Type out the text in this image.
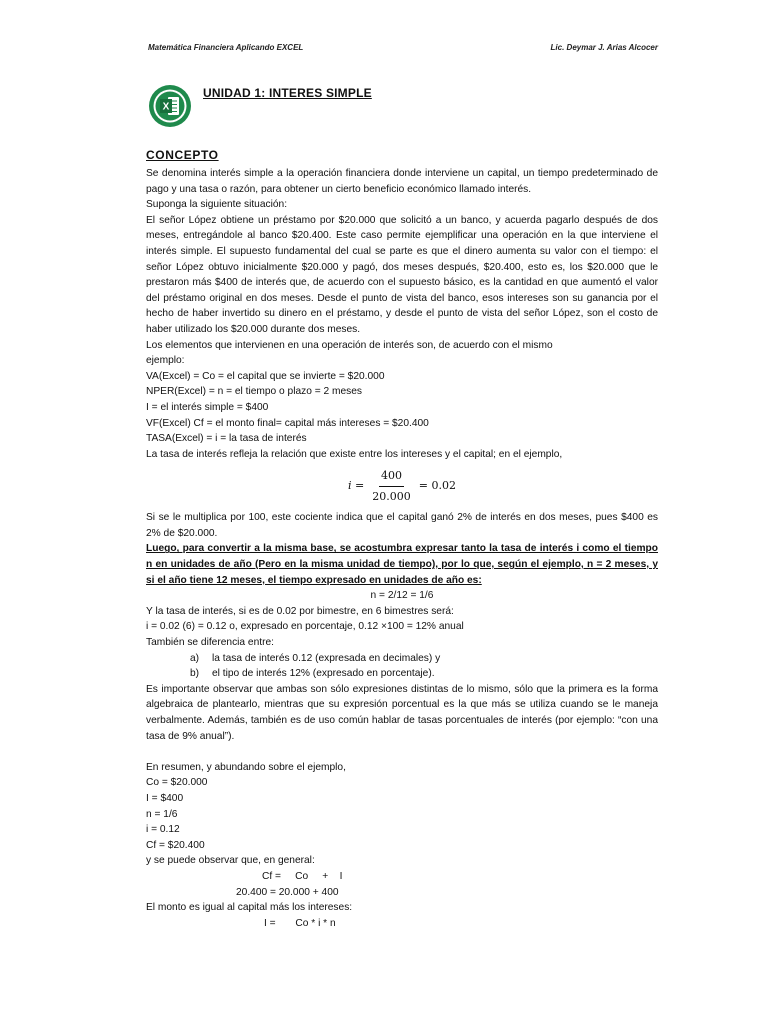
Matemática Financiera Aplicando EXCEL	Lic. Deymar J. Arias Alcocer
X
UNIDAD 1: INTERES SIMPLE
CONCEPTO

Se denomina interés simple a la operación financiera donde interviene un capital, un tiempo predeterminado de pago y una tasa o razón, para obtener un cierto beneficio económico llamado interés.

Suponga la siguiente situación:

El señor López obtiene un préstamo por $20.000 que solicitó a un banco, y acuerda pagarlo después de dos meses, entregándole al banco $20.400. Este caso permite ejemplificar una operación en la que interviene el interés simple. El supuesto fundamental del cual se parte es que el dinero aumenta su valor con el tiempo: el señor López obtuvo inicialmente $20.000 y pagó, dos meses después, $20.400, esto es, los $20.000 que le prestaron más $400 de interés que, de acuerdo con el supuesto básico, es la cantidad en que aumentó el valor del préstamo original en dos meses. Desde el punto de vista del banco, esos intereses son su ganancia por el hecho de haber invertido su dinero en el préstamo, y desde el punto de vista del señor López, son el costo de haber utilizado los $20.000 durante dos meses.

Los elementos que intervienen en una operación de interés son, de acuerdo con el mismo

ejemplo:

VA(Excel) = Co = el capital que se invierte = $20.000

NPER(Excel) = n = el tiempo o plazo = 2 meses

I = el interés simple = $400

VF(Excel) Cf = el monto final= capital más intereses = $20.400

TASA(Excel) = i = la tasa de interés

La tasa de interés refleja la relación que existe entre los intereses y el capital; en el ejemplo,

$i = \frac{400}{20.000} = 0.02$

Si se le multiplica por 100, este cociente indica que el capital ganó 2% de interés en dos meses, pues $400 es 2% de $20.000.

Luego, para convertir a la misma base, se acostumbra expresar tanto la tasa de interés i como el tiempo n en unidades de año (Pero en la misma unidad de tiempo), por lo que, según el ejemplo, n = 2 meses, y si el año tiene 12 meses, el tiempo expresado en unidades de año es:

n = 2/12 = 1/6

Y la tasa de interés, si es de 0.02 por bimestre, en 6 bimestres será:

i = 0.02 (6) = 0.12 o, expresado en porcentaje, 0.12 ×100 = 12% anual

También se diferencia entre:

a) la tasa de interés 0.12 (expresada en decimales) y

b) el tipo de interés 12% (expresado en porcentaje).

Es importante observar que ambas son sólo expresiones distintas de lo mismo, sólo que la primera es la forma algebraica de plantearlo, mientras que su expresión porcentual es la que más se utiliza cuando se le maneja verbalmente. Además, también es de uso común hablar de tasas porcentuales de interés (por ejemplo: “con una tasa de 9% anual”).

En resumen, y abundando sobre el ejemplo,

Co = $20.000

I = $400

n = 1/6

i = 0.12

Cf = $20.400

y se puede observar que, en general:

Cf =     Co     +    I

20.400 = 20.000 + 400

El monto es igual al capital más los intereses:

I =       Co * i * n
